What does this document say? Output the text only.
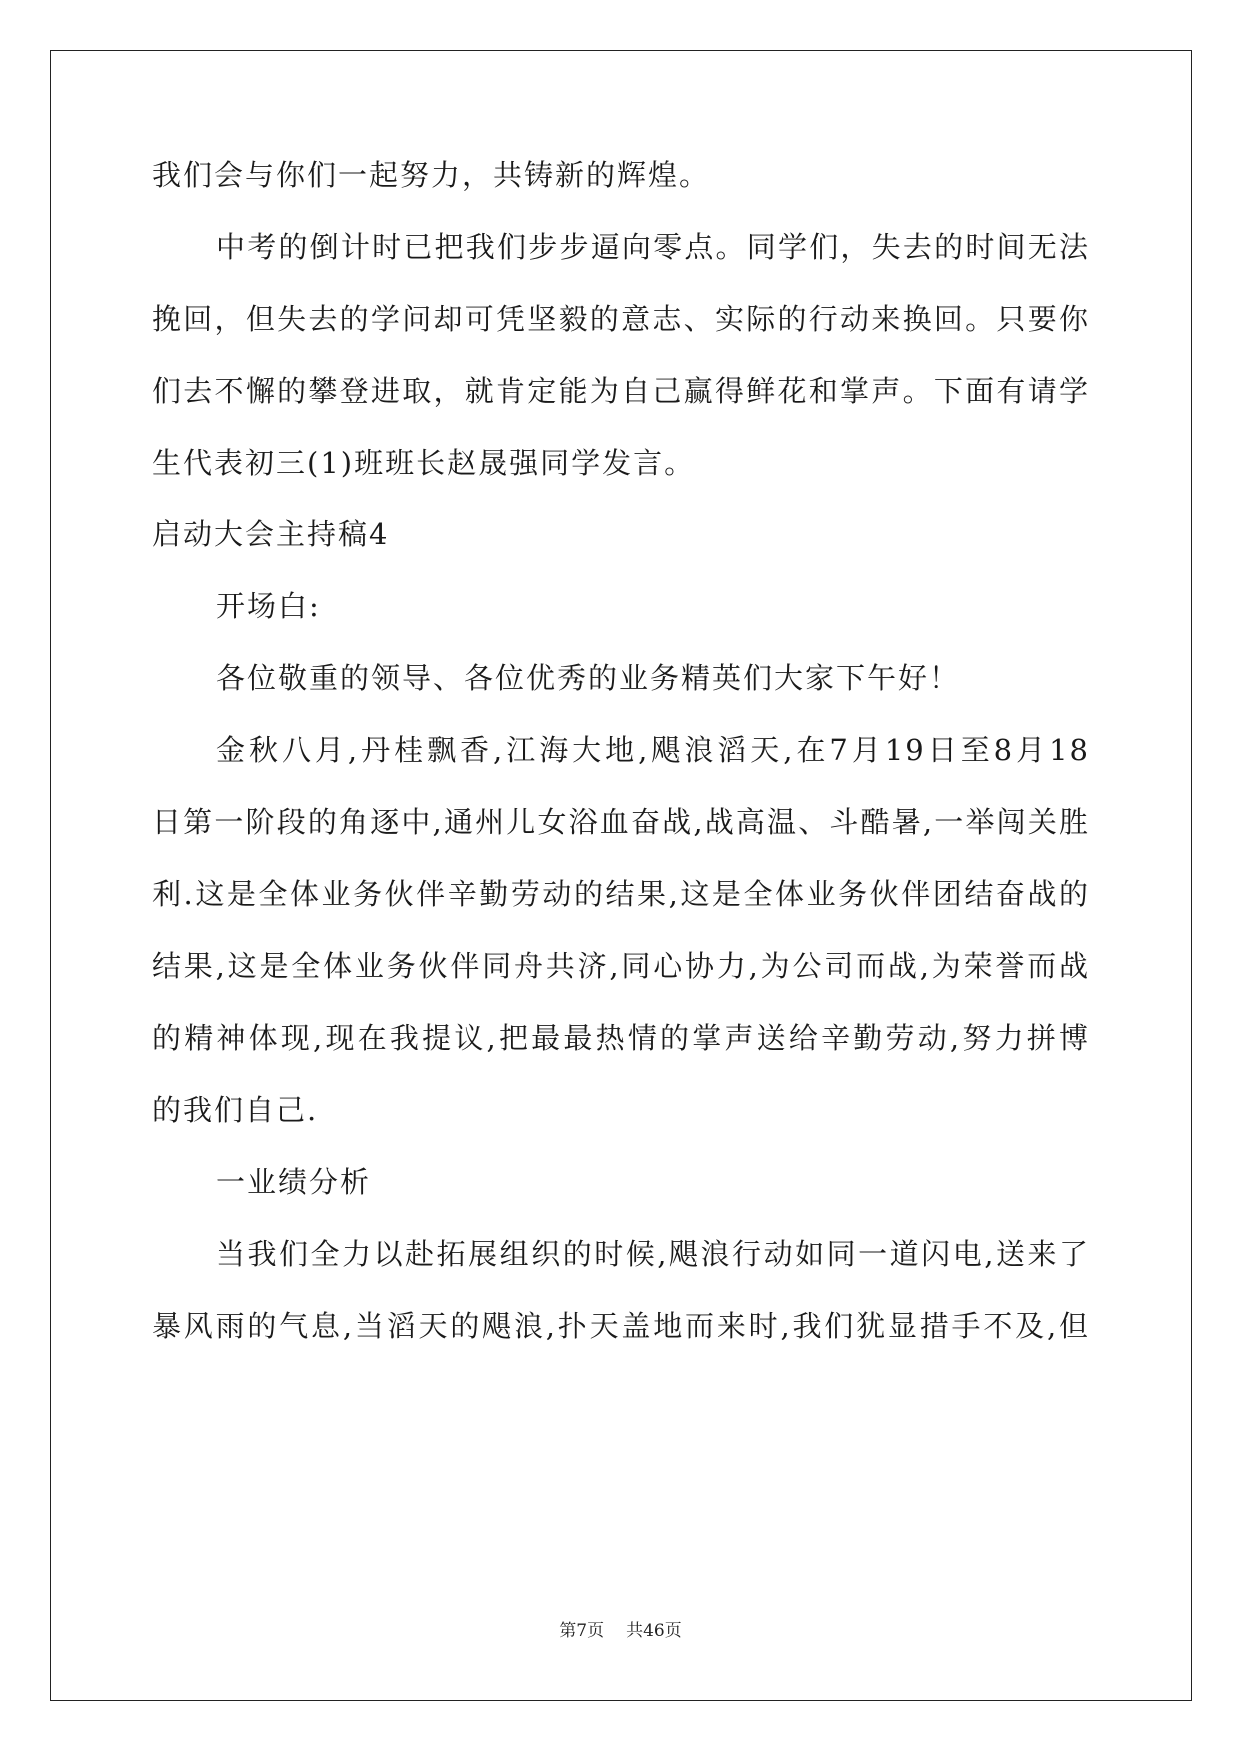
我们会与你们一起努力，共铸新的辉煌。
中考的倒计时已把我们步步逼向零点。同学们，失去的时间无法
挽回，但失去的学问却可凭坚毅的意志、实际的行动来换回。只要你
们去不懈的攀登进取，就肯定能为自己赢得鲜花和掌声。下面有请学
生代表初三(1)班班长赵晟强同学发言。
启动大会主持稿4
开场白:
各位敬重的领导、各位优秀的业务精英们大家下午好！
金秋八月,丹桂飘香,江海大地,飓浪滔天,在7月19日至8月18
日第一阶段的角逐中,通州儿女浴血奋战,战高温、斗酷暑,一举闯关胜
利.这是全体业务伙伴辛勤劳动的结果,这是全体业务伙伴团结奋战的
结果,这是全体业务伙伴同舟共济,同心协力,为公司而战,为荣誉而战
的精神体现,现在我提议,把最最热情的掌声送给辛勤劳动,努力拼博
的我们自己.
一业绩分析
当我们全力以赴拓展组织的时候,飓浪行动如同一道闪电,送来了
暴风雨的气息,当滔天的飓浪,扑天盖地而来时,我们犹显措手不及,但
第7页 共46页
